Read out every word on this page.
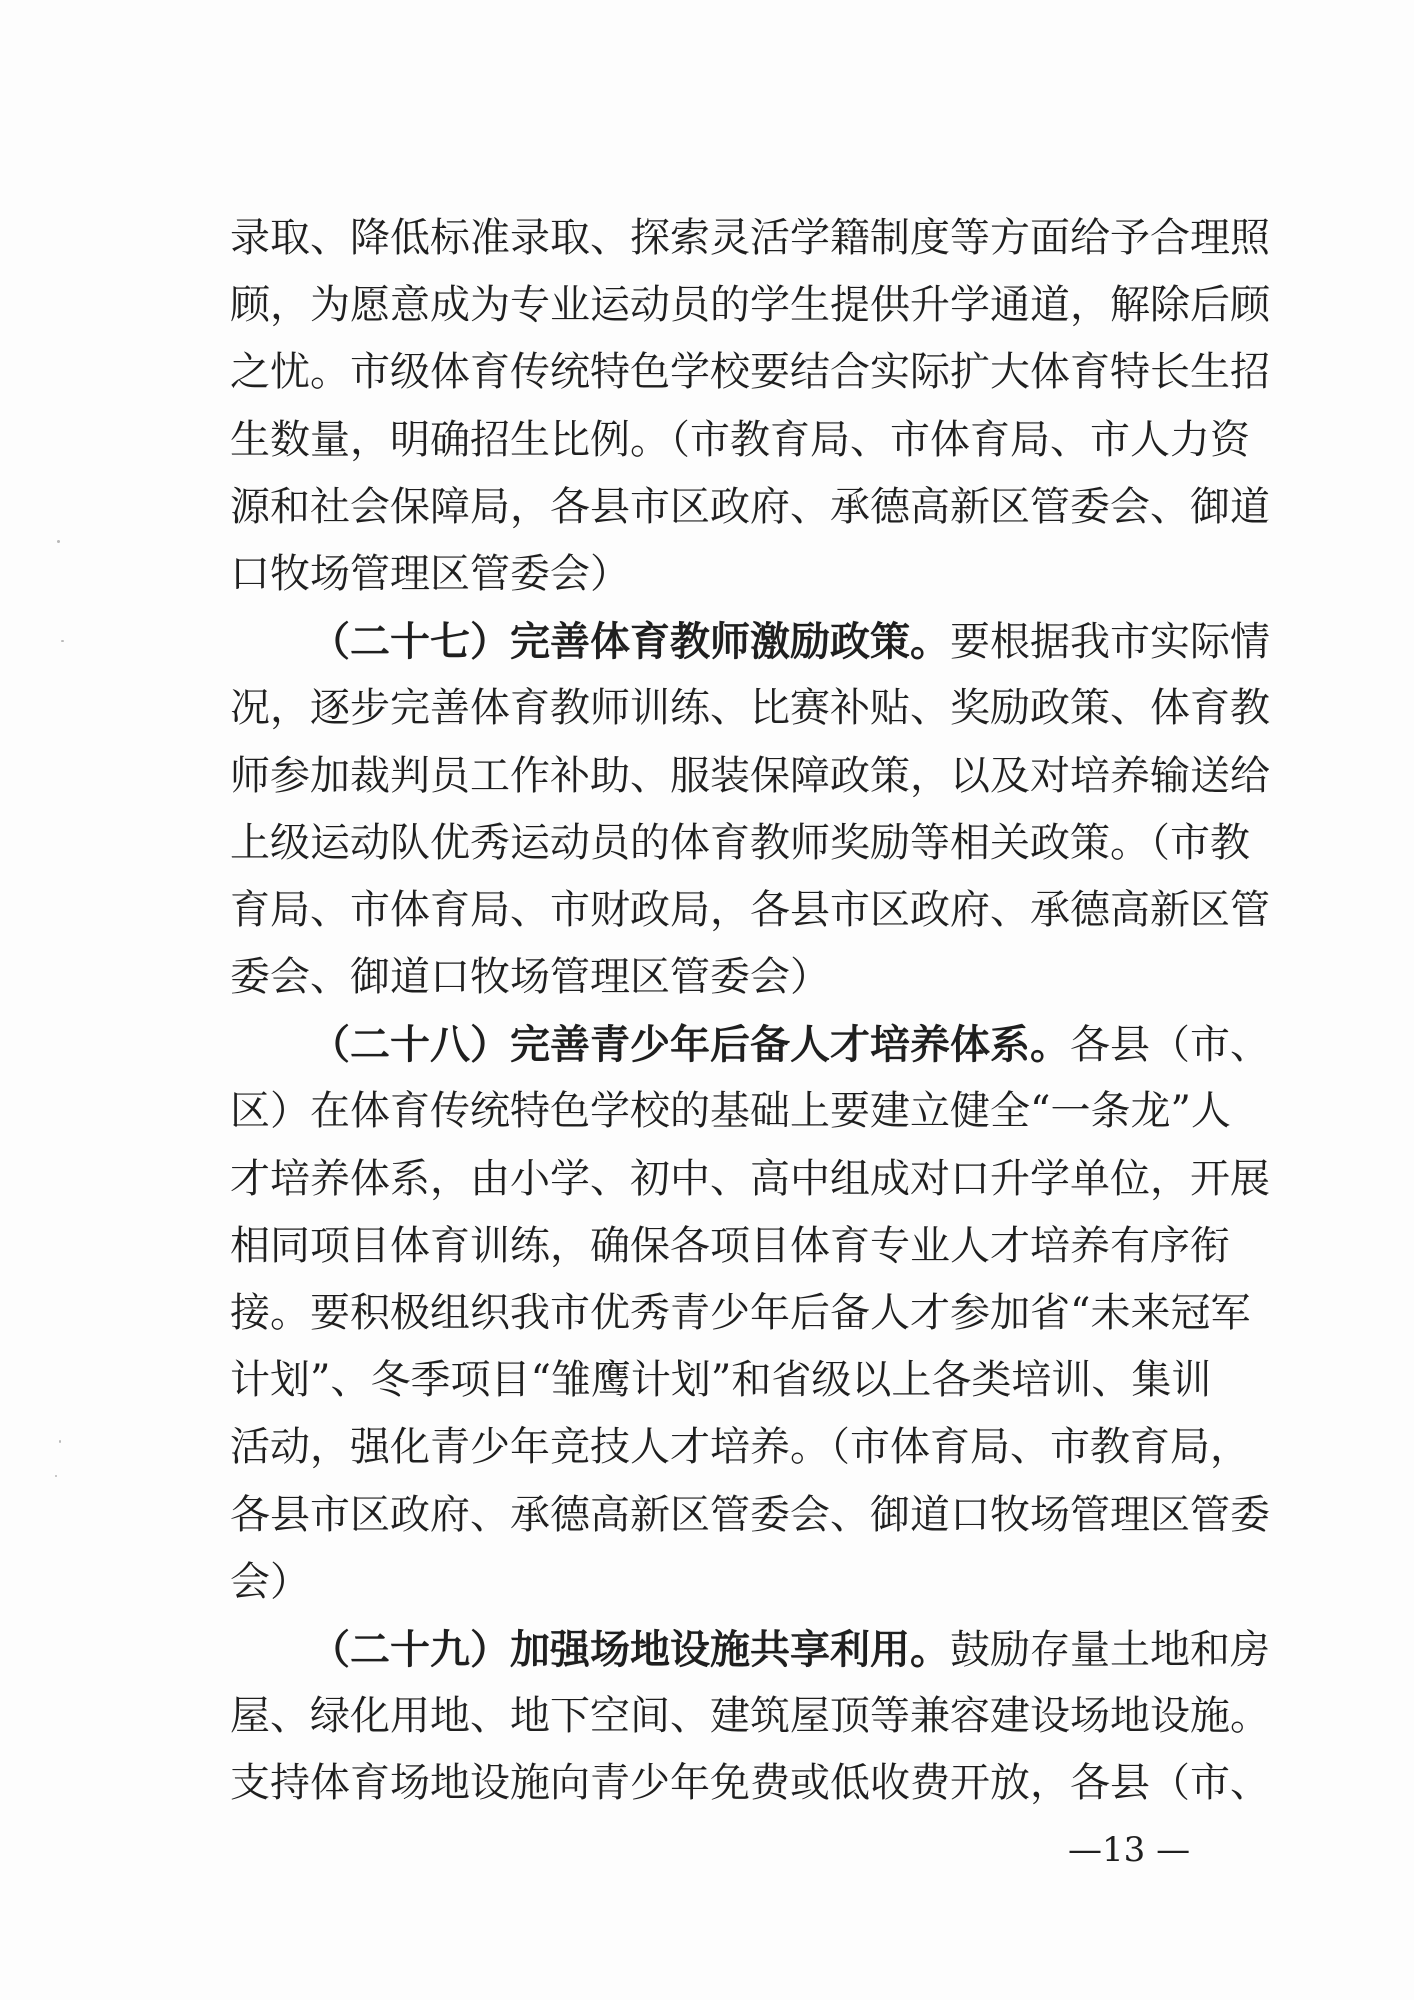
录取、降低标准录取、探索灵活学籍制度等方面给予合理照
顾，为愿意成为专业运动员的学生提供升学通道，解除后顾
之忧。市级体育传统特色学校要结合实际扩大体育特长生招
生数量，明确招生比例。（市教育局、市体育局、市人力资
源和社会保障局，各县市区政府、承德高新区管委会、御道
口牧场管理区管委会）
（二十七）完善体育教师激励政策。要根据我市实际情
况，逐步完善体育教师训练、比赛补贴、奖励政策、体育教
师参加裁判员工作补助、服装保障政策，以及对培养输送给
上级运动队优秀运动员的体育教师奖励等相关政策。（市教
育局、市体育局、市财政局，各县市区政府、承德高新区管
委会、御道口牧场管理区管委会）
（二十八）完善青少年后备人才培养体系。各县（市、
区）在体育传统特色学校的基础上要建立健全“一条龙”人
才培养体系，由小学、初中、高中组成对口升学单位，开展
相同项目体育训练，确保各项目体育专业人才培养有序衔
接。要积极组织我市优秀青少年后备人才参加省“未来冠军
计划”、冬季项目“雏鹰计划”和省级以上各类培训、集训
活动，强化青少年竞技人才培养。（市体育局、市教育局，
各县市区政府、承德高新区管委会、御道口牧场管理区管委
会）
（二十九）加强场地设施共享利用。鼓励存量土地和房
屋、绿化用地、地下空间、建筑屋顶等兼容建设场地设施。
支持体育场地设施向青少年免费或低收费开放，各县（市、
—13 —
